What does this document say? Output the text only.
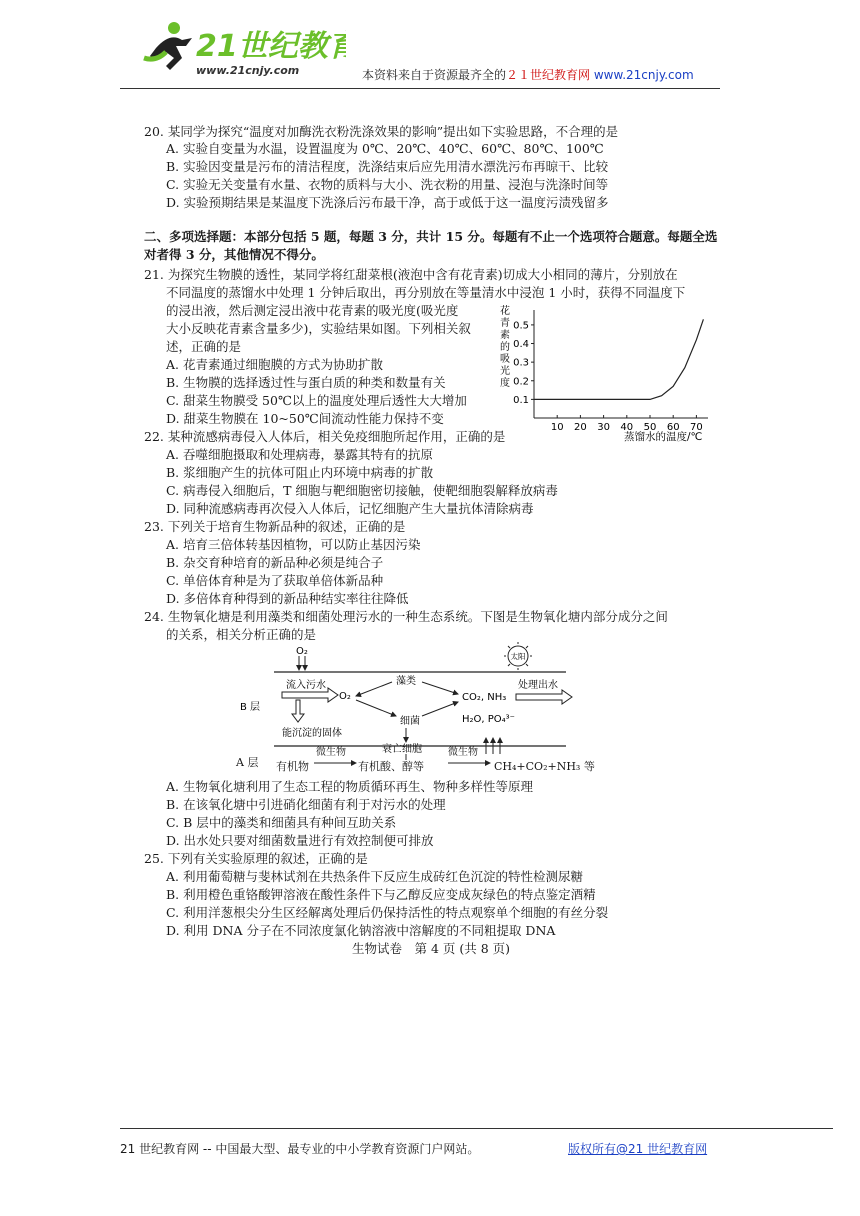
21世纪教育
www.21cnjy.com	本资料来自于资源最齐全的２１世纪教育网 www.21cnjy.com
20. 某同学为探究“温度对加酶洗衣粉洗涤效果的影响”提出如下实验思路，不合理的是
A. 实验自变量为水温，设置温度为 0℃、20℃、40℃、60℃、80℃、100℃
B. 实验因变量是污布的清洁程度，洗涤结束后应先用清水漂洗污布再晾干、比较
C. 实验无关变量有水量、衣物的质料与大小、洗衣粉的用量、浸泡与洗涤时间等
D. 实验预期结果是某温度下洗涤后污布最干净，高于或低于这一温度污渍残留多
二、多项选择题：本部分包括 5 题，每题 3 分，共计 15 分。每题有不止一个选项符合题意。每题全选
对者得 3 分，其他情况不得分。
21. 为探究生物膜的透性，某同学将红甜菜根(液泡中含有花青素)切成大小相同的薄片，分别放在
不同温度的蒸馏水中处理 1 分钟后取出，再分别放在等量清水中浸泡 1 小时，获得不同温度下
的浸出液，然后测定浸出液中花青素的吸光度(吸光度
大小反映花青素含量多少)，实验结果如图。下列相关叙
述，正确的是
A. 花青素通过细胞膜的方式为协助扩散
B. 生物膜的选择透过性与蛋白质的种类和数量有关
C. 甜菜生物膜受 50℃以上的温度处理后透性大大增加
D. 甜菜生物膜在 10~50℃间流动性能力保持不变
花
青
素
的
吸
光
度
0.1
0.2
0.3
0.4
0.5
10 20 30 40 50 60 70
蒸馏水的温度/℃
22. 某种流感病毒侵入人体后，相关免疫细胞所起作用，正确的是
A. 吞噬细胞摄取和处理病毒，暴露其特有的抗原
B. 浆细胞产生的抗体可阻止内环境中病毒的扩散
C. 病毒侵入细胞后，T 细胞与靶细胞密切接触，使靶细胞裂解释放病毒
D. 同种流感病毒再次侵入人体后，记忆细胞产生大量抗体清除病毒
23. 下列关于培育生物新品种的叙述，正确的是
A. 培育三倍体转基因植物，可以防止基因污染
B. 杂交育种培育的新品种必须是纯合子
C. 单倍体育种是为了获取单倍体新品种
D. 多倍体育种得到的新品种结实率往往降低
24. 生物氧化塘是利用藻类和细菌处理污水的一种生态系统。下图是生物氧化塘内部分成分之间
的关系，相关分析正确的是
O₂	太阳
流入污水
O₂
藻类
细菌
CO₂, NH₃
H₂O, PO₄³⁻
处理出水
B 层
能沉淀的固体
衰亡细胞
A 层 有机物
微生物
有机酸、醇等
微生物
CH₄+CO₂+NH₃ 等
A. 生物氧化塘利用了生态工程的物质循环再生、物种多样性等原理
B. 在该氧化塘中引进硝化细菌有利于对污水的处理
C. B 层中的藻类和细菌具有种间互助关系
D. 出水处只要对细菌数量进行有效控制便可排放
25. 下列有关实验原理的叙述，正确的是
A. 利用葡萄糖与斐林试剂在共热条件下反应生成砖红色沉淀的特性检测尿糖
B. 利用橙色重铬酸钾溶液在酸性条件下与乙醇反应变成灰绿色的特点鉴定酒精
C. 利用洋葱根尖分生区经解离处理后仍保持活性的特点观察单个细胞的有丝分裂
D. 利用 DNA 分子在不同浓度氯化钠溶液中溶解度的不同粗提取 DNA
生物试卷　第 4 页 (共 8 页)
21 世纪教育网 -- 中国最大型、最专业的中小学教育资源门户网站。	版权所有@21 世纪教育网
